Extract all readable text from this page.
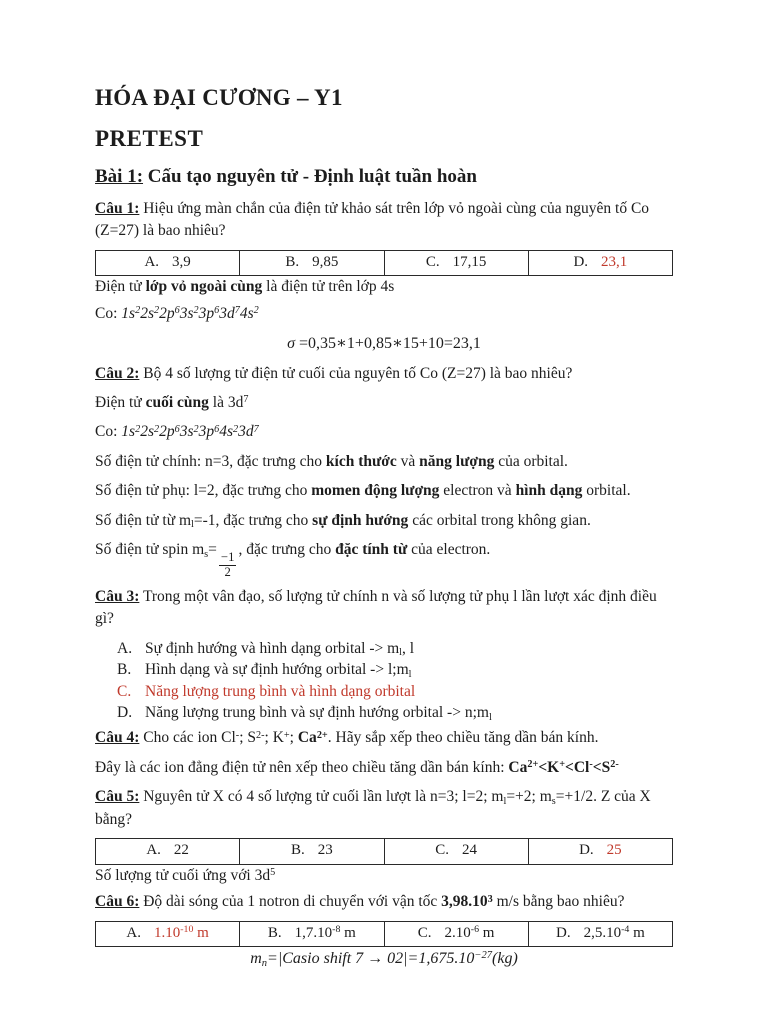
HÓA ĐẠI CƯƠNG – Y1
PRETEST
Bài 1: Cấu tạo nguyên tử - Định luật tuần hoàn
Câu 1: Hiệu ứng màn chắn của điện tử khảo sát trên lớp vỏ ngoài cùng của nguyên tố Co (Z=27) là bao nhiêu?
A. 3,9	B. 9,85	C. 17,15	D. 23,1
Điện tử lớp vỏ ngoài cùng là điện tử trên lớp 4s
Co: $1s^22s^22p^63s^23p^63d^74s^2$
σ =0,35∗1+0,85∗15+10=23,1
Câu 2: Bộ 4 số lượng tử điện tử cuối của nguyên tố Co (Z=27) là bao nhiêu?
Điện tử cuối cùng là $3d^7$
Co: $1s^22s^22p^63s^23p^64s^23d^7$
Số điện tử chính: n=3, đặc trưng cho kích thước và năng lượng của orbital.
Số điện tử phụ: l=2, đặc trưng cho momen động lượng electron và hình dạng orbital.
Số điện tử từ ml=-1, đặc trưng cho sự định hướng các orbital trong không gian.
Số điện tử spin ms=
$\frac{-1}{2}$
, đặc trưng cho đặc tính từ của electron.
Câu 3: Trong một vân đạo, số lượng tử chính n và số lượng tử phụ l lần lượt xác định điều gì?
A. Sự định hướng và hình dạng orbital -> ml, l
B. Hình dạng và sự định hướng orbital -> l;ml
C. Năng lượng trung bình và hình dạng orbital
D. Năng lượng trung bình và sự định hướng orbital -> n;ml
Câu 4: Cho các ion Cl-; $S^{2-}$; K+; $Ca^{2+}$. Hãy sắp xếp theo chiều tăng dần bán kính.
Đây là các ion đẳng điện tử nên xếp theo chiều tăng dần bán kính: $Ca^{2+}<K^+<Cl^-<S^{2-}$
Câu 5: Nguyên tử X có 4 số lượng tử cuối lần lượt là n=3; l=2; ml=+2; ms=+1/2. Z của X bằng?
A. 22	B. 23	C. 24	D. 25
Số lượng tử cuối ứng với $3d^5$
Câu 6: Độ dài sóng của 1 notron di chuyển với vận tốc 3,98.10$^3$ m/s bằng bao nhiêu?
A. $1.10^{-10}$ m	B. $1,7.10^{-8}$ m	C. $2.10^{-6}$ m	D. $2,5.10^{-4}$ m
mn=|Casio shift $7 \to 02|=1,675.10^{-27}(kg)$
